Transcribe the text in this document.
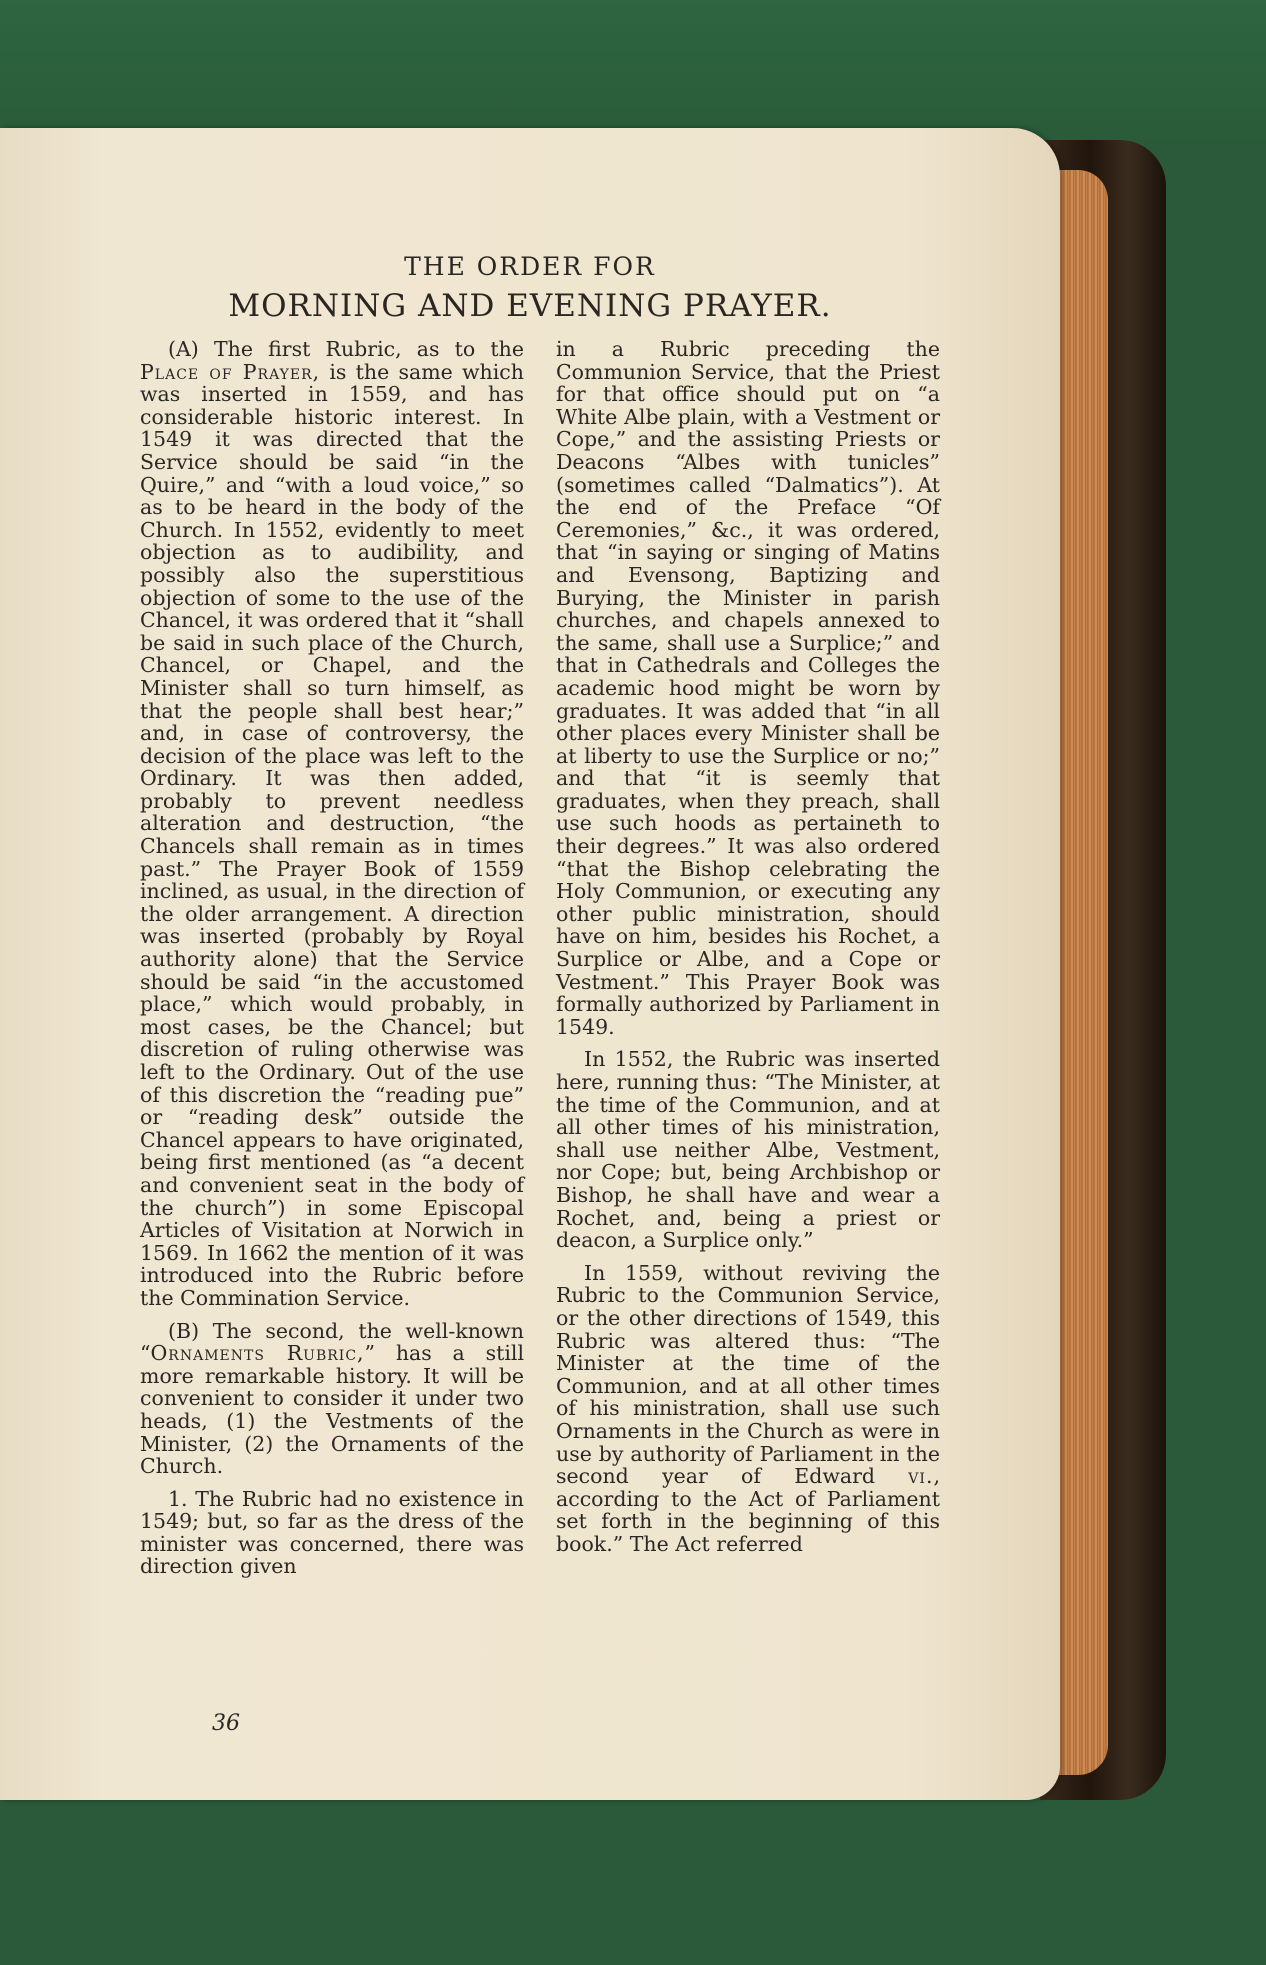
THE ORDER FOR
MORNING AND EVENING PRAYER.

(A) The first Rubric, as to the Place of Prayer, is the same which was inserted in 1559, and has considerable historic interest. In 1549 it was directed that the Service should be said “in the Quire,” and “with a loud voice,” so as to be heard in the body of the Church. In 1552, evidently to meet objection as to audibility, and possibly also the superstitious objection of some to the use of the Chancel, it was ordered that it “shall be said in such place of the Church, Chancel, or Chapel, and the Minister shall so turn himself, as that the people shall best hear;” and, in case of controversy, the decision of the place was left to the Ordinary. It was then added, probably to prevent needless alteration and destruction, “the Chancels shall remain as in times past.” The Prayer Book of 1559 inclined, as usual, in the direction of the older arrangement. A direction was inserted (probably by Royal authority alone) that the Service should be said “in the accustomed place,” which would probably, in most cases, be the Chancel; but discretion of ruling otherwise was left to the Ordinary. Out of the use of this discretion the “reading pue” or “reading desk” outside the Chancel appears to have originated, being first mentioned (as “a decent and convenient seat in the body of the church”) in some Episcopal Articles of Visitation at Norwich in 1569. In 1662 the mention of it was introduced into the Rubric before the Commination Service.

(B) The second, the well-known “Ornaments Rubric,” has a still more remarkable history. It will be convenient to consider it under two heads, (1) the Vestments of the Minister, (2) the Ornaments of the Church.

1. The Rubric had no existence in 1549; but, so far as the dress of the minister was concerned, there was direction given

in a Rubric preceding the Communion Service, that the Priest for that office should put on “a White Albe plain, with a Vestment or Cope,” and the assisting Priests or Deacons “Albes with tunicles” (sometimes called “Dalmatics”). At the end of the Preface “Of Ceremonies,” &c., it was ordered, that “in saying or singing of Matins and Evensong, Baptizing and Burying, the Minister in parish churches, and chapels annexed to the same, shall use a Surplice;” and that in Cathedrals and Colleges the academic hood might be worn by graduates. It was added that “in all other places every Minister shall be at liberty to use the Surplice or no;” and that “it is seemly that graduates, when they preach, shall use such hoods as pertaineth to their degrees.” It was also ordered “that the Bishop celebrating the Holy Communion, or executing any other public ministration, should have on him, besides his Rochet, a Surplice or Albe, and a Cope or Vestment.” This Prayer Book was formally authorized by Parliament in 1549.

In 1552, the Rubric was inserted here, running thus: “The Minister, at the time of the Communion, and at all other times of his ministration, shall use neither Albe, Vestment, nor Cope; but, being Archbishop or Bishop, he shall have and wear a Rochet, and, being a priest or deacon, a Surplice only.”

In 1559, without reviving the Rubric to the Communion Service, or the other directions of 1549, this Rubric was altered thus: “The Minister at the time of the Communion, and at all other times of his ministration, shall use such Ornaments in the Church as were in use by authority of Parliament in the second year of Edward vi., according to the Act of Parliament set forth in the beginning of this book.” The Act referred

36
